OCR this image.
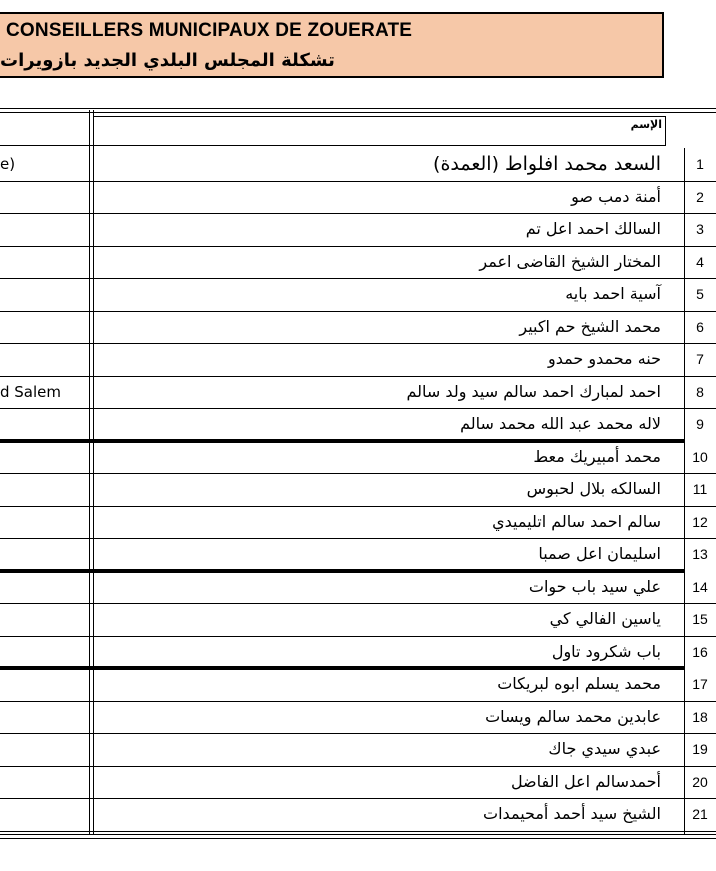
CONSEILLERS MUNICIPAUX DE ZOUERATE
تشكلة المجلس البلدي الجديد بازويرات
الإسم
1
السعد محمد افلواط (العمدة)
e)
2
أمنة دمب صو
3
السالك احمد اعل تم
4
المختار الشيخ القاضى اعمر
5
آسية احمد بايه
6
محمد الشيخ حم اكبير
7
حنه محمدو حمدو
8
احمد لمبارك احمد سالم سيد ولد سالم
d Salem
9
لاله محمد عبد الله محمد سالم
10
محمد أمبيريك معط
11
السالكه بلال لحبوس
12
سالم احمد سالم اتليميدي
13
اسليمان اعل صمبا
14
علي سيد باب حوات
15
ياسين الفالي كي
16
باب شكرود تاول
17
محمد يسلم ابوه لبريكات
18
عابدين محمد سالم ويسات
19
عبدي سيدي جاك
20
أحمدسالم اعل الفاضل
21
الشيخ سيد أحمد أمحيمدات
